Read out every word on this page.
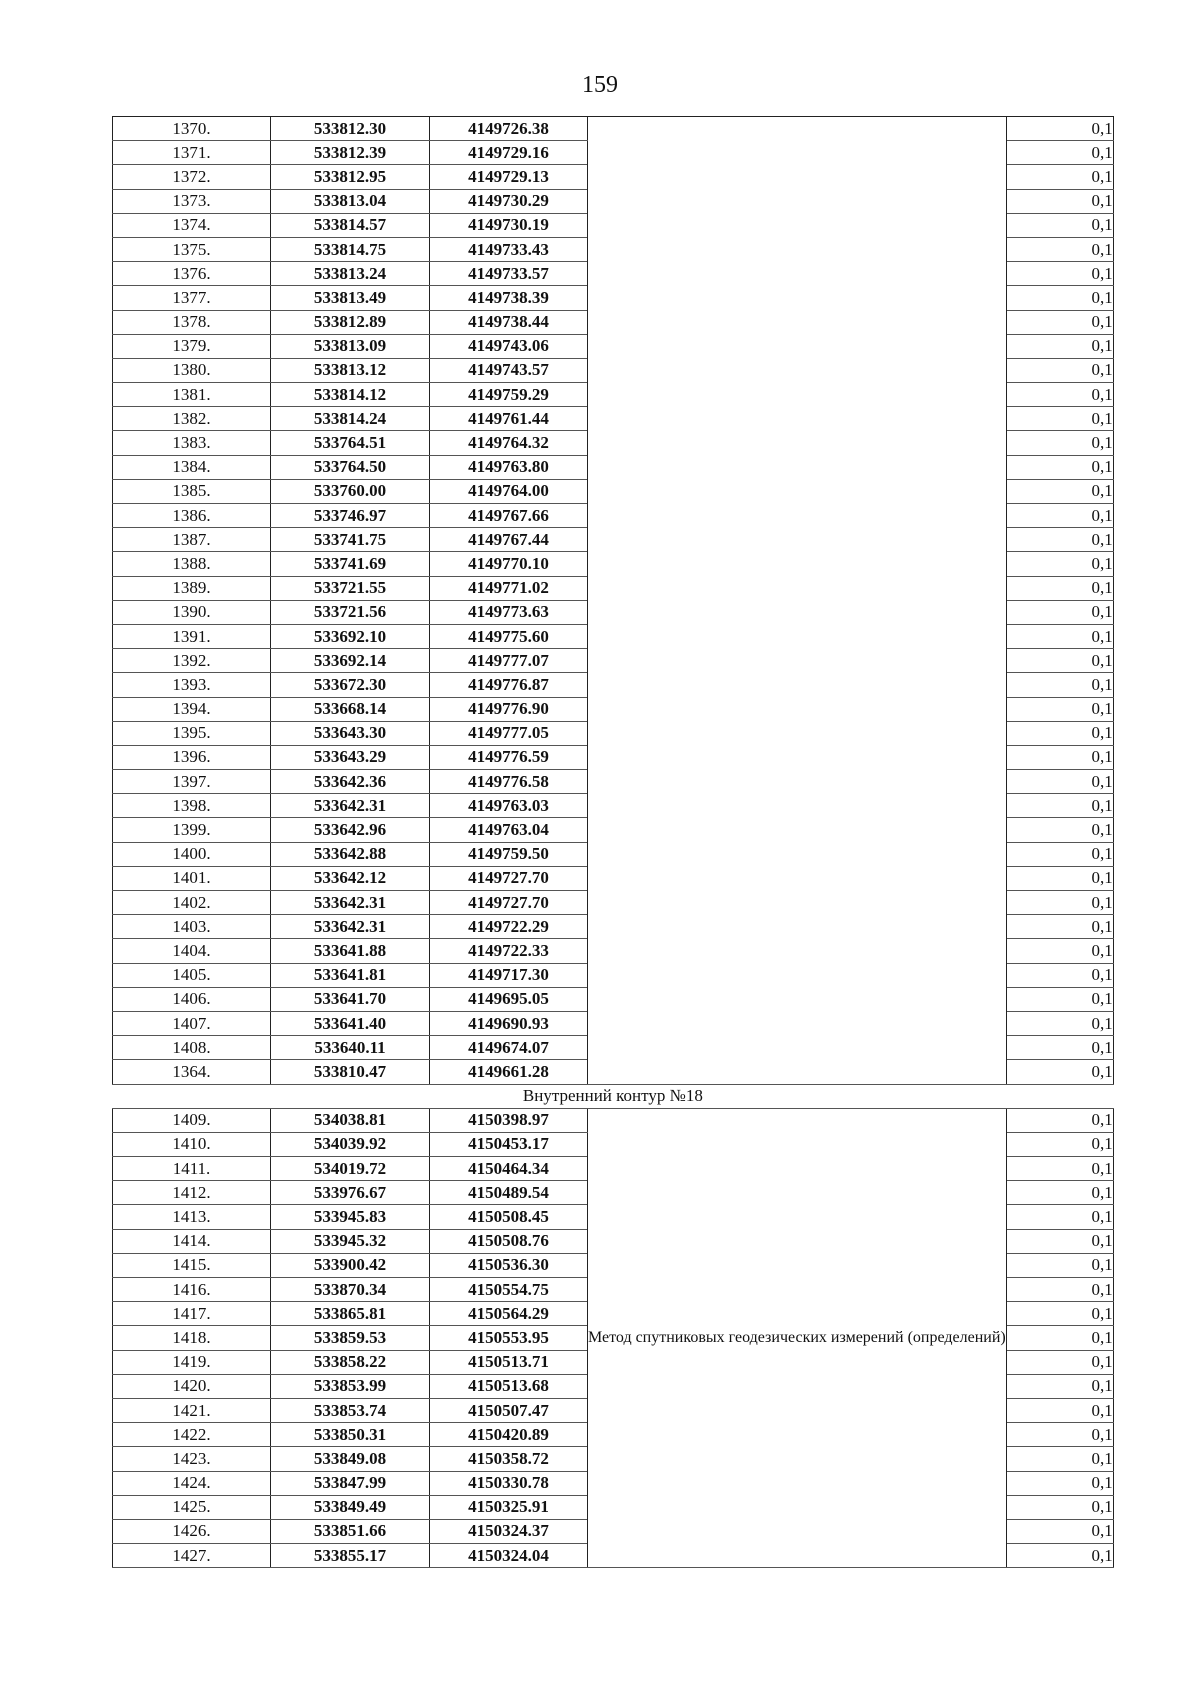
159
1370.	533812.30	4149726.38		0,1
1371.	533812.39	4149729.16		0,1
1372.	533812.95	4149729.13		0,1
1373.	533813.04	4149730.29		0,1
1374.	533814.57	4149730.19		0,1
1375.	533814.75	4149733.43		0,1
1376.	533813.24	4149733.57		0,1
1377.	533813.49	4149738.39		0,1
1378.	533812.89	4149738.44		0,1
1379.	533813.09	4149743.06		0,1
1380.	533813.12	4149743.57		0,1
1381.	533814.12	4149759.29		0,1
1382.	533814.24	4149761.44		0,1
1383.	533764.51	4149764.32		0,1
1384.	533764.50	4149763.80		0,1
1385.	533760.00	4149764.00		0,1
1386.	533746.97	4149767.66		0,1
1387.	533741.75	4149767.44		0,1
1388.	533741.69	4149770.10		0,1
1389.	533721.55	4149771.02		0,1
1390.	533721.56	4149773.63		0,1
1391.	533692.10	4149775.60		0,1
1392.	533692.14	4149777.07		0,1
1393.	533672.30	4149776.87		0,1
1394.	533668.14	4149776.90		0,1
1395.	533643.30	4149777.05		0,1
1396.	533643.29	4149776.59		0,1
1397.	533642.36	4149776.58		0,1
1398.	533642.31	4149763.03		0,1
1399.	533642.96	4149763.04		0,1
1400.	533642.88	4149759.50		0,1
1401.	533642.12	4149727.70		0,1
1402.	533642.31	4149727.70		0,1
1403.	533642.31	4149722.29		0,1
1404.	533641.88	4149722.33		0,1
1405.	533641.81	4149717.30		0,1
1406.	533641.70	4149695.05		0,1
1407.	533641.40	4149690.93		0,1
1408.	533640.11	4149674.07		0,1
1364.	533810.47	4149661.28		0,1
Внутренний контур №18				
1409.	534038.81	4150398.97	Метод спутниковых геодезических измерений (определений)	0,1
1410.	534039.92	4150453.17		0,1
1411.	534019.72	4150464.34		0,1
1412.	533976.67	4150489.54		0,1
1413.	533945.83	4150508.45		0,1
1414.	533945.32	4150508.76		0,1
1415.	533900.42	4150536.30		0,1
1416.	533870.34	4150554.75		0,1
1417.	533865.81	4150564.29		0,1
1418.	533859.53	4150553.95		0,1
1419.	533858.22	4150513.71		0,1
1420.	533853.99	4150513.68		0,1
1421.	533853.74	4150507.47		0,1
1422.	533850.31	4150420.89		0,1
1423.	533849.08	4150358.72		0,1
1424.	533847.99	4150330.78		0,1
1425.	533849.49	4150325.91		0,1
1426.	533851.66	4150324.37		0,1
1427.	533855.17	4150324.04		0,1
